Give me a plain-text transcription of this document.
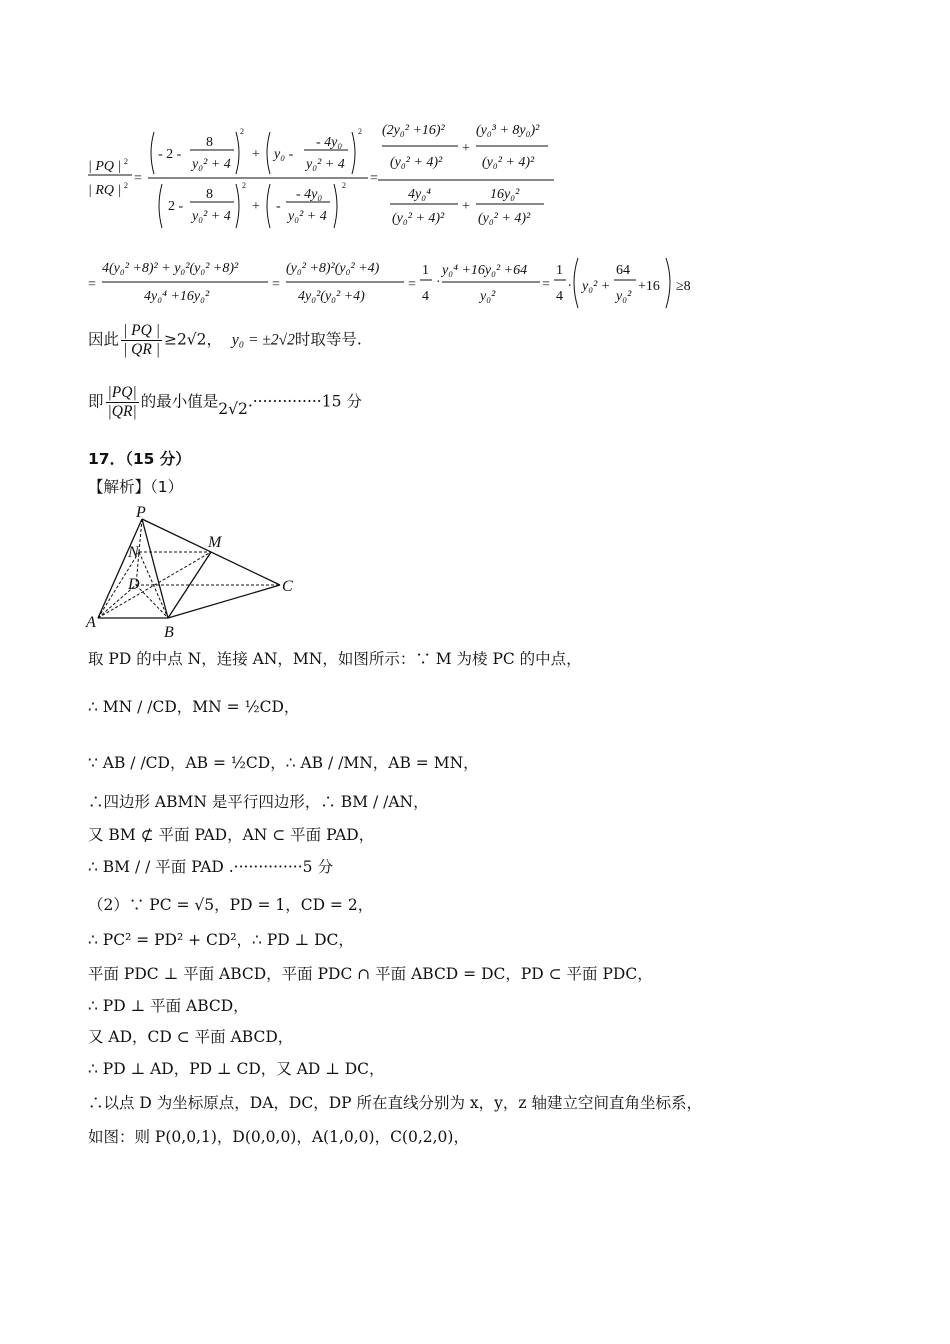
| PQ | 2
| RQ | 2 =
- 2 -
8
y₀² + 4
2
+ y₀ -
- 4y₀
y₀² + 4
2
2 -
8
y₀² + 4
2
+ -
- 4y₀
y₀² + 4
2 =
(2y₀² +16)²
(y₀² + 4)²
+
(y₀³ + 8y₀)²
(y₀² + 4)²
4y₀⁴
(y₀² + 4)²
+
16y₀²
(y₀² + 4)²
=
4(y₀² +8)² + y₀²(y₀² +8)²
4y₀⁴ +16y₀²
=
(y₀² +8)²(y₀² +4)
4y₀²(y₀² +4)
=
1
4
·
y₀⁴ +16y₀² +64
y₀²
=
1
4
. y₀² +
64
y₀²
+16 ≥8
因此 $\frac{| PQ |}{| QR |} \ge 2√2$， y₀ = ±2√2时取等号.
即 $\frac{|PQ|}{|QR|}$ 的最小值是2√2.··············15 分
17．（15 分）
【解析】（1）
P
M
N
D	C
A
B
取 PD 的中点 N，连接 AN，MN，如图所示：∵ M 为棱 PC 的中点，
∴ MN / /CD，MN = ½CD，
∵ AB / /CD，AB = ½CD，∴ AB / /MN，AB = MN，
∴四边形 ABMN 是平行四边形，∴ BM / /AN，
又 BM ⊄ 平面 PAD，AN ⊂ 平面 PAD，
∴ BM / / 平面 PAD .··············5 分
（2）∵ PC = √5，PD = 1，CD = 2，
∴ PC² = PD² + CD²，∴ PD ⊥ DC，
平面 PDC ⊥ 平面 ABCD，平面 PDC ∩ 平面 ABCD = DC，PD ⊂ 平面 PDC，
∴ PD ⊥ 平面 ABCD，
又 AD，CD ⊂ 平面 ABCD，
∴ PD ⊥ AD，PD ⊥ CD，又 AD ⊥ DC，
∴以点 D 为坐标原点，DA，DC，DP 所在直线分别为 x，y，z 轴建立空间直角坐标系，
如图：则 P(0,0,1)，D(0,0,0)，A(1,0,0)，C(0,2,0)，
